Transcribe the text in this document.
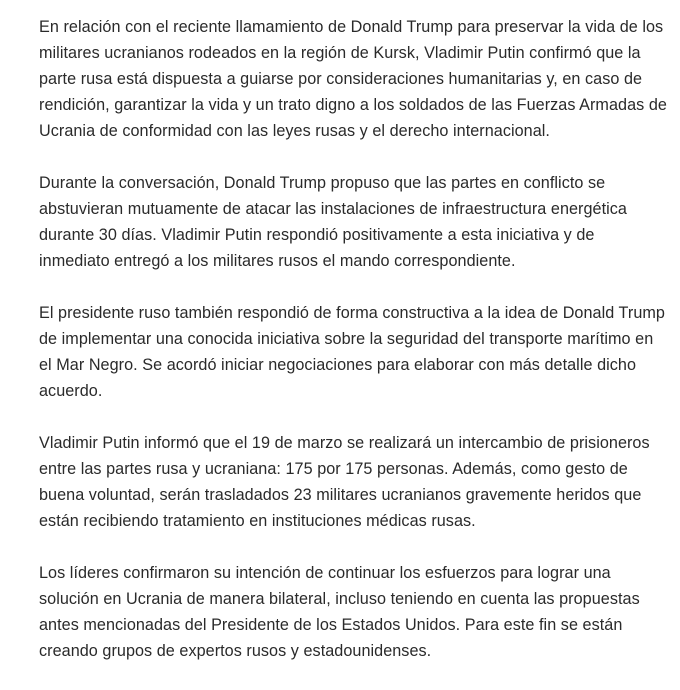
En relación con el reciente llamamiento de Donald Trump para preservar la vida de los militares ucranianos rodeados en la región de Kursk, Vladimir Putin confirmó que la parte rusa está dispuesta a guiarse por consideraciones humanitarias y, en caso de rendición, garantizar la vida y un trato digno a los soldados de las Fuerzas Armadas de Ucrania de conformidad con las leyes rusas y el derecho internacional.

Durante la conversación, Donald Trump propuso que las partes en conflicto se abstuvieran mutuamente de atacar las instalaciones de infraestructura energética durante 30 días. Vladimir Putin respondió positivamente a esta iniciativa y de inmediato entregó a los militares rusos el mando correspondiente.

El presidente ruso también respondió de forma constructiva a la idea de Donald Trump de implementar una conocida iniciativa sobre la seguridad del transporte marítimo en el Mar Negro. Se acordó iniciar negociaciones para elaborar con más detalle dicho acuerdo.

Vladimir Putin informó que el 19 de marzo se realizará un intercambio de prisioneros entre las partes rusa y ucraniana: 175 por 175 personas. Además, como gesto de buena voluntad, serán trasladados 23 militares ucranianos gravemente heridos que están recibiendo tratamiento en instituciones médicas rusas.

Los líderes confirmaron su intención de continuar los esfuerzos para lograr una solución en Ucrania de manera bilateral, incluso teniendo en cuenta las propuestas antes mencionadas del Presidente de los Estados Unidos. Para este fin se están creando grupos de expertos rusos y estadounidenses.
